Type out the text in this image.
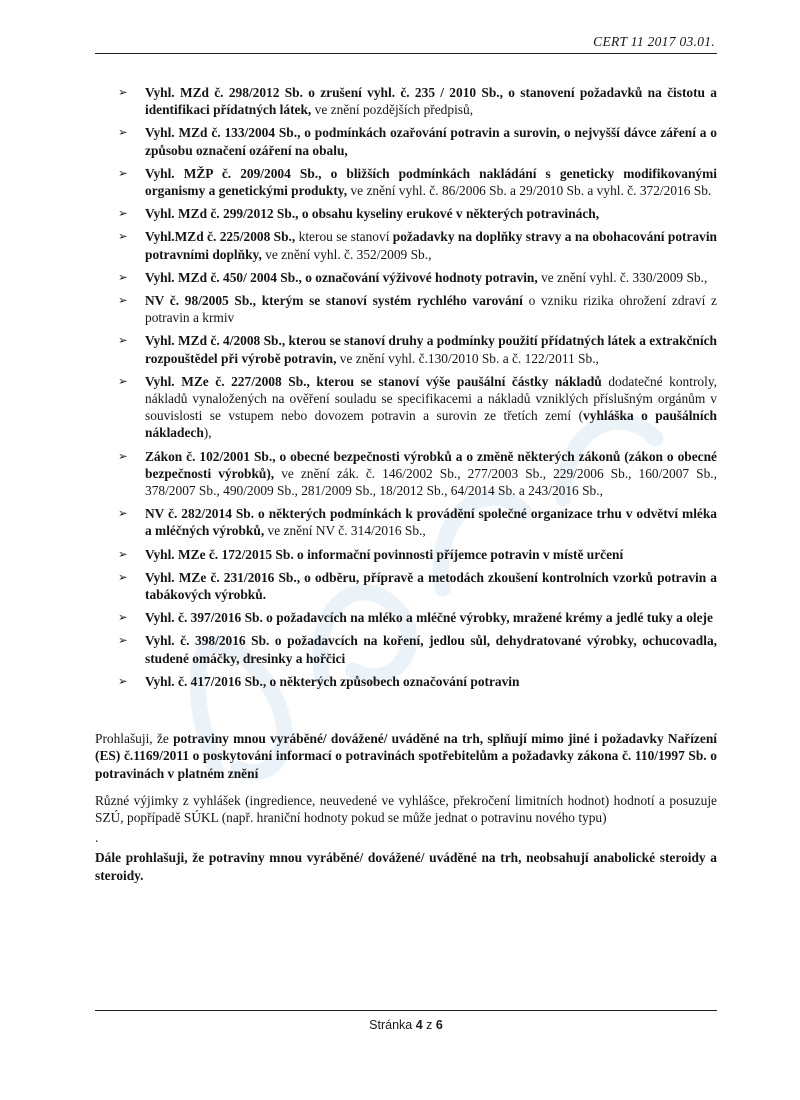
CERT 11 2017 03.01.
➢ Vyhl. MZd č. 298/2012 Sb. o zrušení vyhl. č. 235 / 2010 Sb., o stanovení požadavků na čistotu a identifikaci přídatných látek, ve znění pozdějších předpisů,
➢ Vyhl. MZd č. 133/2004 Sb., o podmínkách ozařování potravin a surovin, o nejvyšší dávce záření a o způsobu označení ozáření na obalu,
➢ Vyhl. MŽP č. 209/2004 Sb., o bližších podmínkách nakládání s geneticky modifikovanými organismy a genetickými produkty, ve znění vyhl. č. 86/2006 Sb. a 29/2010 Sb. a vyhl. č. 372/2016 Sb.
➢ Vyhl. MZd č. 299/2012 Sb., o obsahu kyseliny erukové v některých potravinách,
➢ Vyhl.MZd č. 225/2008 Sb., kterou se stanoví požadavky na doplňky stravy a na obohacování potravin potravními doplňky, ve znění vyhl. č. 352/2009 Sb.,
➢ Vyhl. MZd č. 450/ 2004 Sb., o označování výživové hodnoty potravin, ve znění vyhl. č. 330/2009 Sb.,
➢ NV č. 98/2005 Sb., kterým se stanoví systém rychlého varování o vzniku rizika ohrožení zdraví z potravin a krmiv
➢ Vyhl. MZd č. 4/2008 Sb., kterou se stanoví druhy a podmínky použití přídatných látek a extrakčních rozpouštědel při výrobě potravin, ve znění vyhl. č.130/2010 Sb. a č. 122/2011 Sb.,
➢ Vyhl. MZe č. 227/2008 Sb., kterou se stanoví výše paušální částky nákladů dodatečné kontroly, nákladů vynaložených na ověření souladu se specifikacemi a nákladů vzniklých příslušným orgánům v souvislosti se vstupem nebo dovozem potravin a surovin ze třetích zemí (vyhláška o paušálních nákladech),
➢ Zákon č. 102/2001 Sb., o obecné bezpečnosti výrobků a o změně některých zákonů (zákon o obecné bezpečnosti výrobků), ve znění zák. č. 146/2002 Sb., 277/2003 Sb., 229/2006 Sb., 160/2007 Sb., 378/2007 Sb., 490/2009 Sb., 281/2009 Sb., 18/2012 Sb., 64/2014 Sb. a 243/2016 Sb.,
➢ NV č. 282/2014 Sb. o některých podmínkách k provádění společné organizace trhu v odvětví mléka a mléčných výrobků, ve znění NV č. 314/2016 Sb.,
➢ Vyhl. MZe č. 172/2015 Sb. o informační povinnosti příjemce potravin v místě určení
➢ Vyhl. MZe č. 231/2016 Sb., o odběru, přípravě a metodách zkoušení kontrolních vzorků potravin a tabákových výrobků.
➢ Vyhl. č. 397/2016 Sb. o požadavcích na mléko a mléčné výrobky, mražené krémy a jedlé tuky a oleje
➢ Vyhl. č. 398/2016 Sb. o požadavcích na koření, jedlou sůl, dehydratované výrobky, ochucovadla, studené omáčky, dresinky a hořčici
➢ Vyhl. č. 417/2016 Sb., o některých způsobech označování potravin

Prohlašuji, že potraviny mnou vyráběné/ dovážené/ uváděné na trh, splňují mimo jiné i požadavky Nařízení (ES) č.1169/2011 o poskytování informací o potravinách spotřebitelům a požadavky zákona č. 110/1997 Sb. o potravinách v platném znění

Různé výjimky z vyhlášek (ingredience, neuvedené ve vyhlášce, překročení limitních hodnot) hodnotí a posuzuje SZÚ, popřípadě SÚKL (např. hraniční hodnoty pokud se může jednat o potravinu nového typu)

.

Dále prohlašuji, že potraviny mnou vyráběné/ dovážené/ uváděné na trh, neobsahují anabolické steroidy a steroidy.

Stránka 4 z 6
